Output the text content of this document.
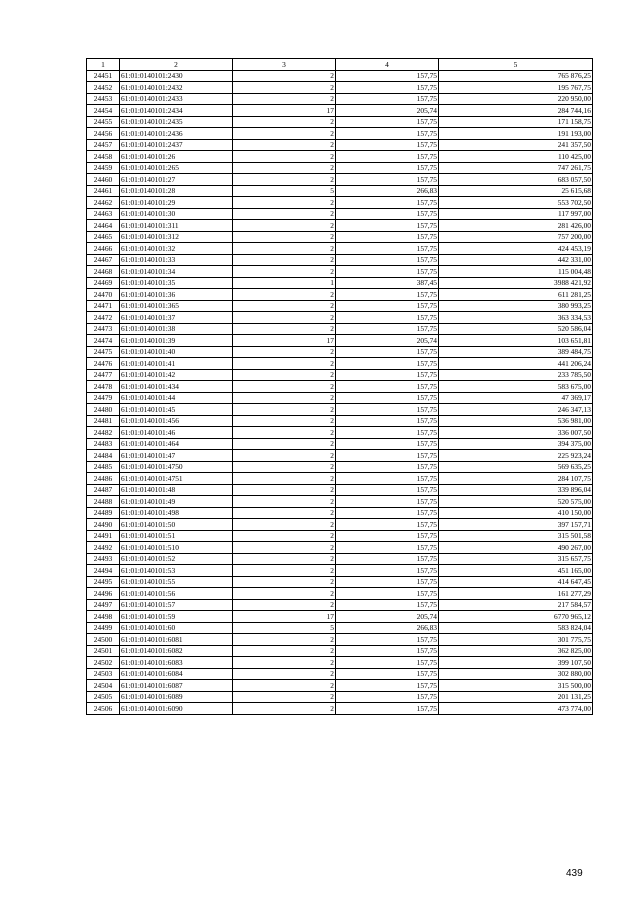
1	2	3	4	5
24451	61:01:0140101:2430	2	157,75	765 876,25
24452	61:01:0140101:2432	2	157,75	195 767,75
24453	61:01:0140101:2433	2	157,75	220 950,00
24454	61:01:0140101:2434	17	205,74	284 744,16
24455	61:01:0140101:2435	2	157,75	171 158,75
24456	61:01:0140101:2436	2	157,75	191 193,00
24457	61:01:0140101:2437	2	157,75	241 357,50
24458	61:01:0140101:26	2	157,75	110 425,00
24459	61:01:0140101:265	2	157,75	747 261,75
24460	61:01:0140101:27	2	157,75	683 057,50
24461	61:01:0140101:28	5	266,83	25 615,68
24462	61:01:0140101:29	2	157,75	553 702,50
24463	61:01:0140101:30	2	157,75	117 997,00
24464	61:01:0140101:311	2	157,75	281 426,00
24465	61:01:0140101:312	2	157,75	757 200,00
24466	61:01:0140101:32	2	157,75	424 453,19
24467	61:01:0140101:33	2	157,75	442 331,00
24468	61:01:0140101:34	2	157,75	115 004,48
24469	61:01:0140101:35	1	387,45	3988 421,92
24470	61:01:0140101:36	2	157,75	611 281,25
24471	61:01:0140101:365	2	157,75	380 993,25
24472	61:01:0140101:37	2	157,75	363 334,53
24473	61:01:0140101:38	2	157,75	520 586,04
24474	61:01:0140101:39	17	205,74	103 651,81
24475	61:01:0140101:40	2	157,75	389 484,75
24476	61:01:0140101:41	2	157,75	441 206,24
24477	61:01:0140101:42	2	157,75	233 785,50
24478	61:01:0140101:434	2	157,75	583 675,00
24479	61:01:0140101:44	2	157,75	47 369,17
24480	61:01:0140101:45	2	157,75	246 347,13
24481	61:01:0140101:456	2	157,75	536 981,00
24482	61:01:0140101:46	2	157,75	336 007,50
24483	61:01:0140101:464	2	157,75	394 375,00
24484	61:01:0140101:47	2	157,75	225 923,24
24485	61:01:0140101:4750	2	157,75	569 635,25
24486	61:01:0140101:4751	2	157,75	284 107,75
24487	61:01:0140101:48	2	157,75	339 896,04
24488	61:01:0140101:49	2	157,75	520 575,00
24489	61:01:0140101:498	2	157,75	410 150,00
24490	61:01:0140101:50	2	157,75	397 157,71
24491	61:01:0140101:51	2	157,75	315 501,58
24492	61:01:0140101:510	2	157,75	490 267,00
24493	61:01:0140101:52	2	157,75	315 657,75
24494	61:01:0140101:53	2	157,75	451 165,00
24495	61:01:0140101:55	2	157,75	414 647,45
24496	61:01:0140101:56	2	157,75	161 277,29
24497	61:01:0140101:57	2	157,75	217 584,57
24498	61:01:0140101:59	17	205,74	6770 965,12
24499	61:01:0140101:60	5	266,83	583 824,04
24500	61:01:0140101:6081	2	157,75	301 775,75
24501	61:01:0140101:6082	2	157,75	362 825,00
24502	61:01:0140101:6083	2	157,75	399 107,50
24503	61:01:0140101:6084	2	157,75	302 880,00
24504	61:01:0140101:6087	2	157,75	315 500,00
24505	61:01:0140101:6089	2	157,75	201 131,25
24506	61:01:0140101:6090	2	157,75	473 774,00
439
